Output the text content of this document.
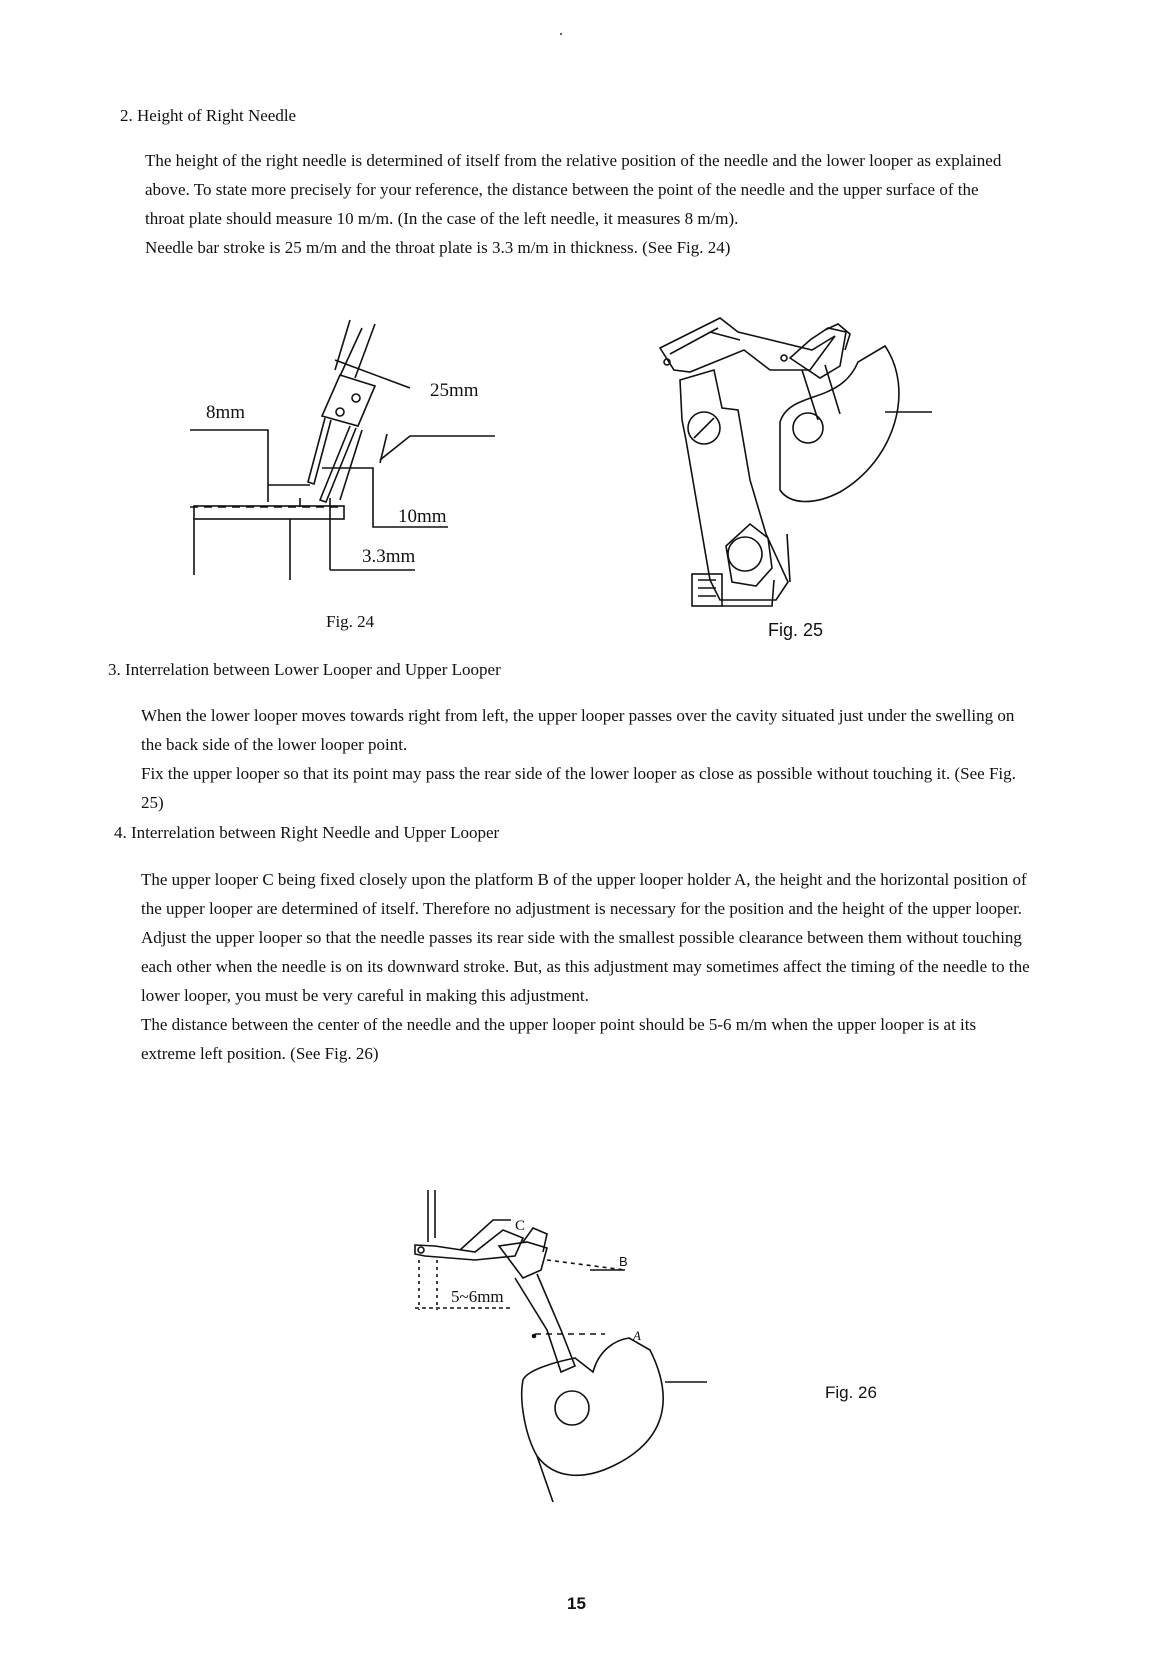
2. Height of Right Needle

The height of the right needle is determined of itself from the relative position of the needle and the lower looper as explained above. To state more precisely for your reference, the distance between the point of the needle and the upper surface of the throat plate should measure 10 m/m. (In the case of the left needle, it measures 8 m/m).

Needle bar stroke is 25 m/m and the throat plate is 3.3 m/m in thickness. (See Fig. 24)

25mm
8mm
10mm
3.3mm
Fig. 24	Fig. 25
3. Interrelation between Lower Looper and Upper Looper

When the lower looper moves towards right from left, the upper looper passes over the cavity situated just under the swelling on the back side of the lower looper point.

Fix the upper looper so that its point may pass the rear side of the lower looper as close as possible without touching it. (See Fig. 25)

4. Interrelation between Right Needle and Upper Looper

The upper looper C being fixed closely upon the platform B of the upper looper holder A, the height and the horizontal position of the upper looper are determined of itself. Therefore no adjustment is necessary for the position and the height of the upper looper.

Adjust the upper looper so that the needle passes its rear side with the smallest possible clearance between them without touching each other when the needle is on its downward stroke. But, as this adjustment may sometimes affect the timing of the needle to the lower looper, you must be very careful in making this adjustment.

The distance between the center of the needle and the upper looper point should be 5-6 m/m when the upper looper is at its extreme left position. (See Fig. 26)

C
B
A
5~6mm
Fig. 26
15
